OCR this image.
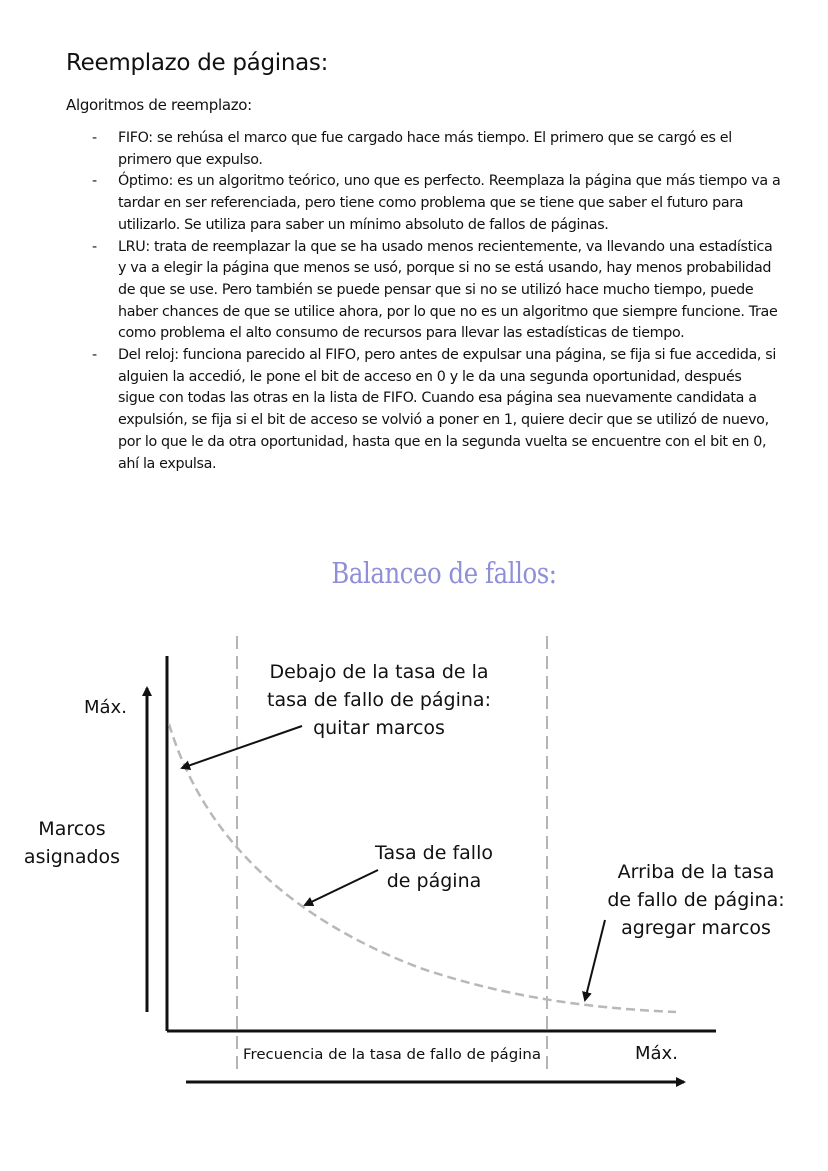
Reemplazo de páginas:

Algoritmos de reemplazo:

- FIFO: se rehúsa el marco que fue cargado hace más tiempo. El primero que se cargó es el primero que expulso.
- Óptimo: es un algoritmo teórico, uno que es perfecto. Reemplaza la página que más tiempo va a tardar en ser referenciada, pero tiene como problema que se tiene que saber el futuro para utilizarlo. Se utiliza para saber un mínimo absoluto de fallos de páginas.
- LRU: trata de reemplazar la que se ha usado menos recientemente, va llevando una estadística y va a elegir la página que menos se usó, porque si no se está usando, hay menos probabilidad de que se use. Pero también se puede pensar que si no se utilizó hace mucho tiempo, puede haber chances de que se utilice ahora, por lo que no es un algoritmo que siempre funcione. Trae como problema el alto consumo de recursos para llevar las estadísticas de tiempo.
- Del reloj: funciona parecido al FIFO, pero antes de expulsar una página, se fija si fue accedida, si alguien la accedió, le pone el bit de acceso en 0 y le da una segunda oportunidad, después sigue con todas las otras en la lista de FIFO. Cuando esa página sea nuevamente candidata a expulsión, se fija si el bit de acceso se volvió a poner en 1, quiere decir que se utilizó de nuevo, por lo que le da otra oportunidad, hasta que en la segunda vuelta se encuentre con el bit en 0, ahí la expulsa.
Balanceo de fallos:
Máx.
Marcos
asignados
Debajo de la tasa de la
tasa de fallo de página:
quitar marcos
Tasa de fallo
de página	Arriba de la tasa
de fallo de página:
agregar marcos
Frecuencia de la tasa de fallo de página	Máx.
